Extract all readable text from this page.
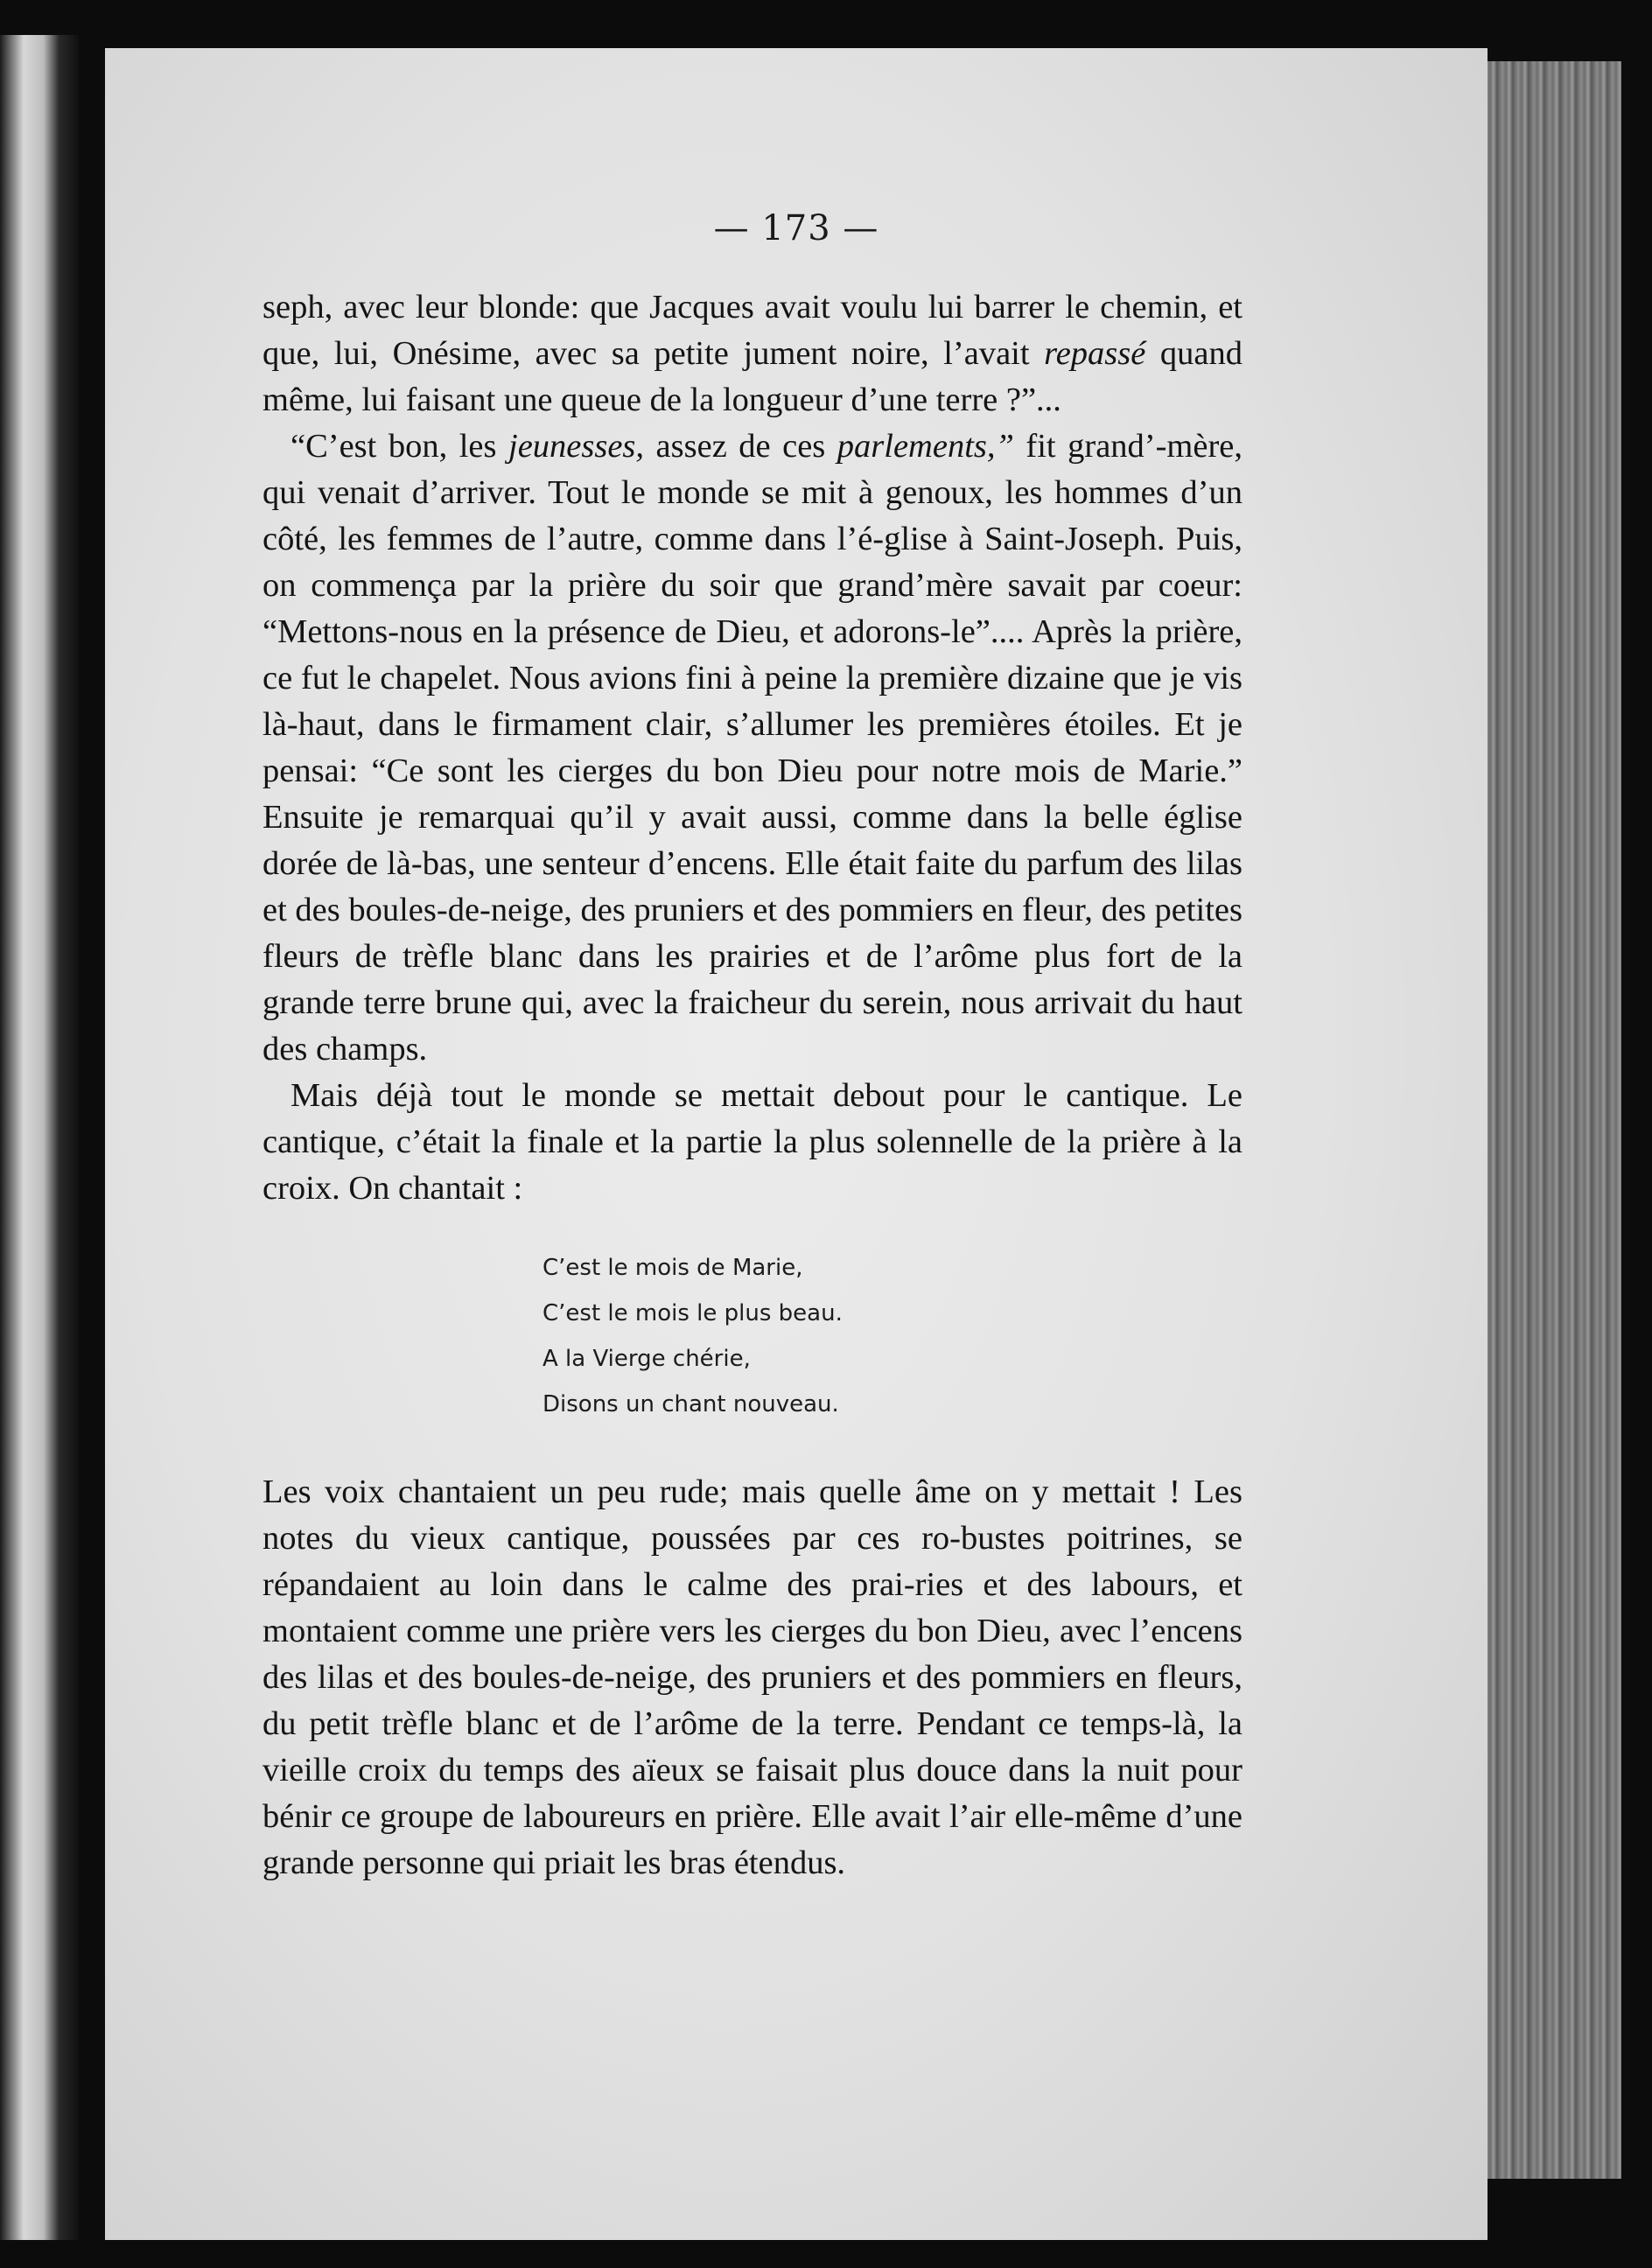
— 173 —

seph, avec leur blonde: que Jacques avait voulu lui barrer le chemin, et que, lui, Onésime, avec sa petite jument noire, l’avait repassé quand même, lui faisant une queue de la longueur d’une terre ?”...

“C’est bon, les jeunesses, assez de ces parlements,” fit grand’-mère, qui venait d’arriver. Tout le monde se mit à genoux, les hommes d’un côté, les femmes de l’autre, comme dans l’é-glise à Saint-Joseph. Puis, on commença par la prière du soir que grand’mère savait par coeur: “Mettons-nous en la présence de Dieu, et adorons-le”.... Après la prière, ce fut le chapelet. Nous avions fini à peine la première dizaine que je vis là-haut, dans le firmament clair, s’allumer les premières étoiles. Et je pensai: “Ce sont les cierges du bon Dieu pour notre mois de Marie.” Ensuite je remarquai qu’il y avait aussi, comme dans la belle église dorée de là-bas, une senteur d’encens. Elle était faite du parfum des lilas et des boules-de-neige, des pruniers et des pommiers en fleur, des petites fleurs de trèfle blanc dans les prairies et de l’arôme plus fort de la grande terre brune qui, avec la fraicheur du serein, nous arrivait du haut des champs.

Mais déjà tout le monde se mettait debout pour le cantique. Le cantique, c’était la finale et la partie la plus solennelle de la prière à la croix. On chantait :

C’est le mois de Marie,
C’est le mois le plus beau.
A la Vierge chérie,
Disons un chant nouveau.

Les voix chantaient un peu rude; mais quelle âme on y mettait ! Les notes du vieux cantique, poussées par ces ro-bustes poitrines, se répandaient au loin dans le calme des prai-ries et des labours, et montaient comme une prière vers les cierges du bon Dieu, avec l’encens des lilas et des boules-de-neige, des pruniers et des pommiers en fleurs, du petit trèfle blanc et de l’arôme de la terre. Pendant ce temps-là, la vieille croix du temps des aïeux se faisait plus douce dans la nuit pour bénir ce groupe de laboureurs en prière. Elle avait l’air elle-même d’une grande personne qui priait les bras étendus.
